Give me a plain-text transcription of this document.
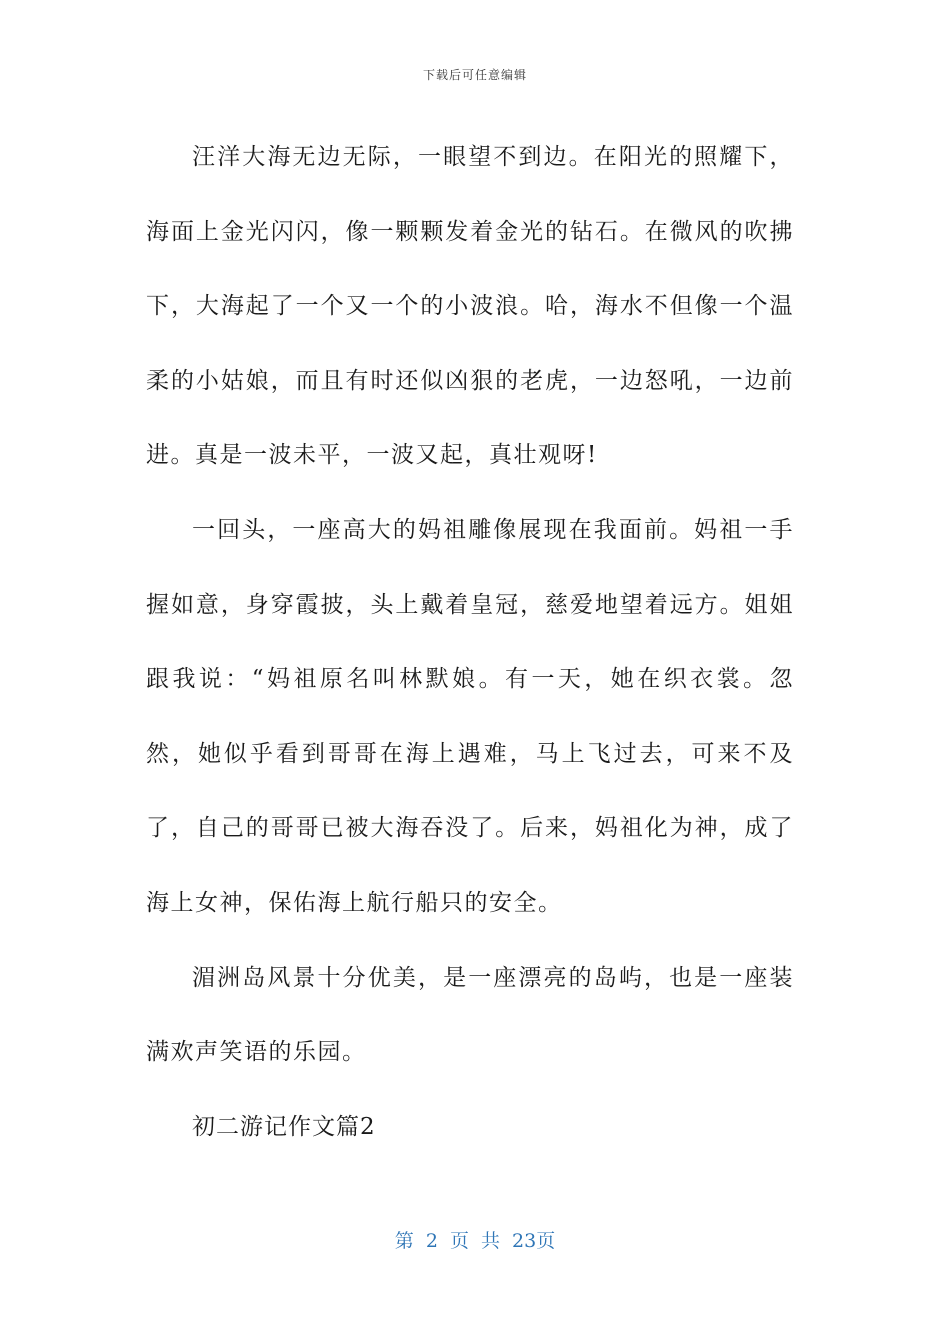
下载后可任意编辑

汪洋大海无边无际，一眼望不到边。在阳光的照耀下，海面上金光闪闪，像一颗颗发着金光的钻石。在微风的吹拂下，大海起了一个又一个的小波浪。哈，海水不但像一个温柔的小姑娘，而且有时还似凶狠的老虎，一边怒吼，一边前进。真是一波未平，一波又起，真壮观呀!

一回头，一座高大的妈祖雕像展现在我面前。妈祖一手握如意，身穿霞披，头上戴着皇冠，慈爱地望着远方。姐姐跟我说：“妈祖原名叫林默娘。有一天，她在织衣裳。忽然，她似乎看到哥哥在海上遇难，马上飞过去，可来不及了，自己的哥哥已被大海吞没了。后来，妈祖化为神，成了海上女神，保佑海上航行船只的安全。

湄洲岛风景十分优美，是一座漂亮的岛屿，也是一座装满欢声笑语的乐园。

初二游记作文篇2

第 2 页 共 23页
